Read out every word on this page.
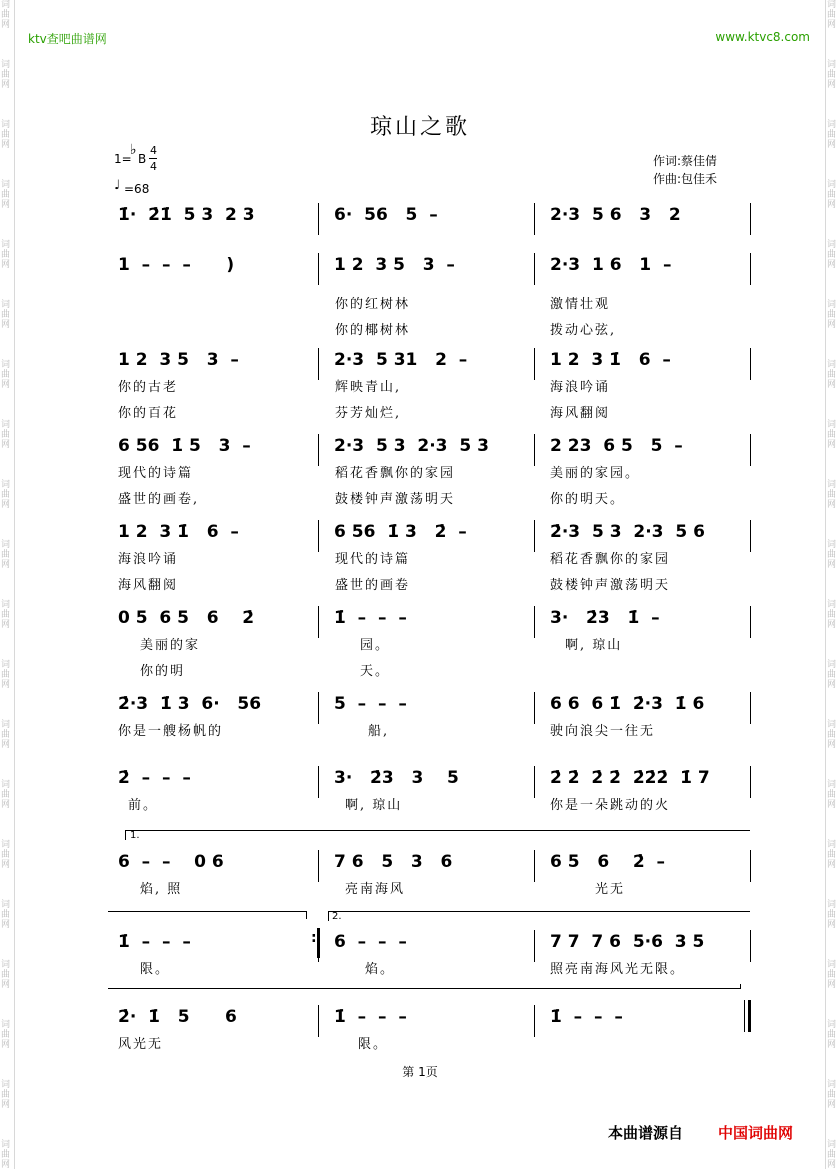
词
曲
网
词
曲
网
词
曲
网
词
曲
网
词
曲
网
词
曲
网
词
曲
网
词
曲
网
词
曲
网
词
曲
网
词
曲
网
词
曲
网
词
曲
网
词
曲
网
词
曲
网
词
曲
网
词
曲
网
词
曲
网
词
曲
网
词
曲
网
词
曲
网
词
曲
网
词
曲
网
词
曲
网
词
曲
网
词
曲
网
词
曲
网
词
曲
网
词
曲
网
词
曲
网
词
曲
网
词
曲
网
词
曲
网
词
曲
网
词
曲
网
词
曲
网
词
曲
网
词
曲
网
词
曲
网
词
曲
网
ktv查吧曲谱网	www.ktvc8.com
琼山之歌
1=
♭
B
4
4
♩ =68
作词:蔡佳倩
作曲:包佳禾
1̇·  2̇1̇  5 3  2 3	6·  56   5  –	2·3  5 6   3   2
1  –  –  –      )	1 2  3 5   3  –	2·3  1 6   1  –
1 2  3 5   3  –	2·3  5 31   2  –	1 2  3 1̇   6  –
6 56  1̇ 5   3  –	2·3  5 3  2·3  5 3	2 23  6 5   5  –
1 2  3 1̇   6  –	6 56  1̇ 3   2̇  –	2̇·3  5 3  2·3  5 6
0 5  6 5   6    2̇	1̇  –  –  –	3·   2̇3   1̇  –
2̇·3  1̇ 3  6·   56	5  –  –  –	6 6  6 1̇  2̇·3  1̇ 6
2̇  –  –  –	3·   2̇3   3    5	2̇ 2̇  2̇ 2̇  2̇2̇2̇  1̇ 7
6  –  –    0 6	7 6   5   3   6	6 5   6    2̇  –
1̇  –  –  –	6  –  –  –	7 7  7 6  5·6  3 5
2̇·  1̇   5      6	1̇  –  –  –	1̇  –  –  –
你的红树林	激情壮观
你的椰树林	拨动心弦,
你的古老	辉映青山,	海浪吟诵
你的百花	芬芳灿烂,	海风翻阅
现代的诗篇	稻花香飘你的家园	美丽的家园。
盛世的画卷,	鼓楼钟声激荡明天	你的明天。
海浪吟诵	现代的诗篇	稻花香飘你的家园
海风翻阅	盛世的画卷	鼓楼钟声激荡明天
美丽的家	园。	啊, 琼山
你的明	天。
你是一艘杨帆的	船,	驶向浪尖一往无
前。	啊, 琼山	你是一朵跳动的火
焰, 照	亮南海风	光无
限。	焰。	照亮南海风光无限。
风光无	限。
1.
2.
:
第 1页
本曲谱源自 中国词曲网
